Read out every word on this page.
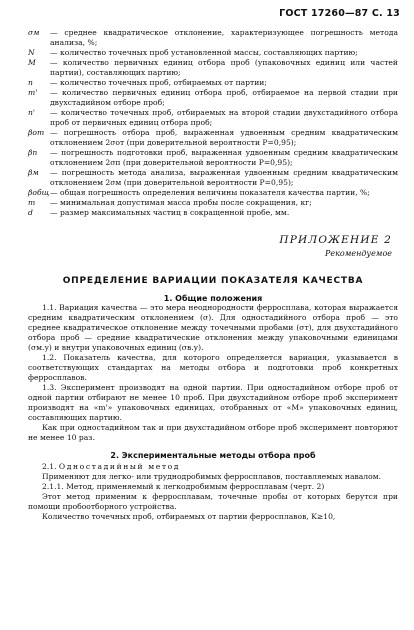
ГОСТ 17260—87 С. 13
σм	— среднее квадратическое отклонение, характеризующее погрешность метода анализа, %;
N	— количество точечных проб установленной массы, составляющих партию;
M	— количество первичных единиц отбора проб (упаковочных единиц или частей партии), составляющих партию;
n	— количество точечных проб, отбираемых от партии;
m'	— количество первичных единиц отбора проб, отбираемое на первой стадии при двухстадийном отборе проб;
n'	— количество точечных проб, отбираемых на второй стадии двухстадийного отбора проб от первичных единиц отбора проб;
βот — погрешность отбора проб, выраженная удвоенным средним квадратическим отклонением 2σот (при доверительной вероятности P=0,95);
βп	— погрешность подготовки проб, выраженная удвоенным средним квадратическим отклонением 2σп (при доверительной вероятности P=0,95);
βм	— погрешность метода анализа, выраженная удвоенным средним квадратическим отклонением 2σм (при доверительной вероятности P=0,95);
βобщ — общая погрешность определения величины показателя качества партии, %;
m	— минимальная допустимая масса пробы после сокращения, кг;
d	— размер максимальных частиц в сокращенной пробе, мм.
ПРИЛОЖЕНИЕ 2
Рекомендуемое
ОПРЕДЕЛЕНИЕ ВАРИАЦИИ ПОКАЗАТЕЛЯ КАЧЕСТВА
1. Общие положения

1.1. Вариация качества — это мера неоднородности ферросплава, которая выражается средним квадратическим отклонением (σ). Для одностадийного отбора проб — это среднее квадратическое отклонение между точечными пробами (σт), для двухстадийного отбора проб — средние квадратические отклонения между упаковочными единицами (σм.у) и внутри упаковочных единиц (σв.у).

1.2. Показатель качества, для которого определяется вариация, указывается в соответствующих стандартах на методы отбора и подготовки проб конкретных ферросплавов.

1.3. Эксперимент производят на одной партии. При одностадийном отборе проб от одной партии отбирают не менее 10 проб. При двухстадийном отборе проб эксперимент производят на «m'» упаковочных единицах, отобранных от «M» упаковочных единиц, составляющих партию.

Как при одностадийном так и при двухстадийном отборе проб эксперимент повторяют не менее 10 раз.

2. Экспериментальные методы отбора проб
2.1. Одностадийный метод

Применяют для легко- или труднодробимых ферросплавов, поставляемых навалом.

2.1.1. Метод, применяемый к легкодробимым ферросплавам (черт. 2)

Этот метод применим к ферросплавам, точечные пробы от которых берутся при помощи пробоотборного устройства.

Количество точечных проб, отбираемых от партии ферросплавов, K≥10,
